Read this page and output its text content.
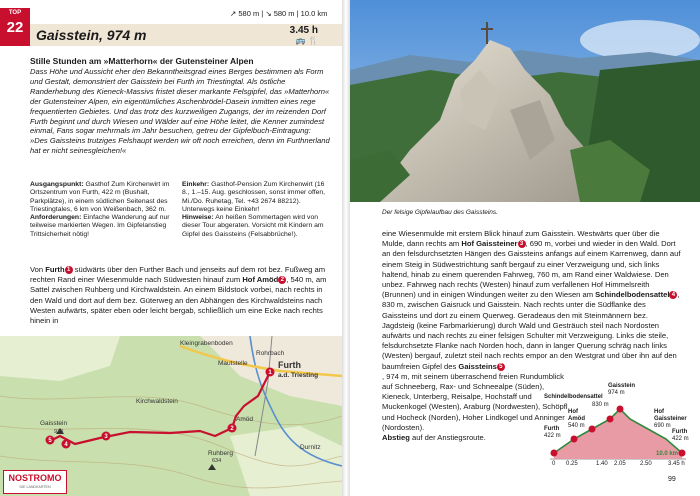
TOP
22
↗ 580 m | ↘ 580 m | 10.0 km
Gaisstein, 974 m	3.45 h
🚌 🍴
Stille Stunden am »Matterhorn« der Gutensteiner Alpen
Dass Höhe und Aussicht eher den Bekanntheitsgrad eines Berges bestimmen als Form und Gestalt, demonstriert der Gaisstein bei Furth im Triestingtal. Als östliche Randerhebung des Kieneck-Massivs fristet dieser markante Felsgipfel, das »Matterhorn« der Gutensteiner Alpen, ein eigentümliches Aschenbrödel-Dasein inmitten eines rege frequentierten Gebietes. Und das trotz des kurzweiligen Zugangs, der im reizenden Dorf Furth beginnt und durch Wiesen und Wälder auf eine Höhe leitet, die Kenner zumindest einmal, Fans sogar mehrmals im Jahr besuchen, getreu der Gipfelbuch-Eintragung: »Des Gaissteins trutziges Felshaupt werden wir oft noch erreichen, denn im Furthnerland hat er nicht seinesgleichen!«
Ausgangspunkt: Gasthof Zum Kirchenwirt im Ortszentrum von Furth, 422 m (Bushalt, Parkplätze), in einem südlichen Seitenast des Triestingtales, 6 km von Weißenbach, 362 m.
Anforderungen: Einfache Wanderung auf nur teilweise markierten Wegen. Im Gipfelanstieg Trittsicherheit nötig!
Einkehr: Gasthof-Pension Zum Kirchenwirt (16 8., 1.–15. Aug. geschlossen, sonst immer offen, Mi./Do. Ruhetag, Tel. +43 2674 88212). Unterwegs keine Einkehr!
Hinweise: An heißen Sommertagen wird von dieser Tour abgeraten. Vorsicht mit Kindern am Gipfel des Gaissteins (Felsabbrüche!).
Von Furth 1 südwärts über den Further Bach und jenseits auf dem rot bez. Fußweg am rechten Rand einer Wiesenmulde nach Südwesten hinauf zum Hof Amöd 2 , 540 m, am Sattel zwischen Ruhberg und Kirchwaldstein. An einem Bildstock vorbei, nach rechts in den Wald und dort auf dem bez. Güterweg an den Abhängen des Kirchwaldsteins nach Westen aufwärts, später eben oder leicht bergab, schließlich um eine Ecke nach rechts hinein in
1
2
3
4
5
Kleingrabenboden
Rohrbach
Mautstelle	Furth
a.d. Triesting
Kirchwaldstein
Gaisstein
974
Amöd
Ruhberg
634
Durnitz
NOSTROMO
DIE LANDKARTEN
Der felsige Gipfelaufbau des Gaissteins.
eine Wiesenmulde mit erstem Blick hinauf zum Gaisstein. Westwärts quer über die Mulde, dann rechts am Hof Gaissteiner 3 , 690 m, vorbei und wieder in den Wald. Dort an den felsdurchsetzten Hängen des Gaissteins anfangs auf einem Karrenweg, dann auf einem Steig in Südwestrichtung sanft bergauf zu einer Verzweigung und, sich links haltend, hinab zu einem querenden Fahrweg, 760 m, am Rand einer Waldwiese. Den unbez. Fahrweg nach rechts (Westen) hinauf zum verfallenen Hof Himmelsreith (Brunnen) und in einigen Windungen weiter zu den Wiesen am Schindelbodensattel 4 , 830 m, zwischen Gaisruck und Gaisstein. Nach rechts unter die Südflanke des Gaissteins und dort zu einem Querweg. Geradeaus den mit Steinmännern bez. Jagdsteig (keine Farbmarkierung) durch Wald und Gesträuch steil nach Nordosten aufwärts und nach rechts zu einer felsigen Schulter mit Verzweigung. Links die steile, felsdurchsetzte Flanke nach Norden hoch, dann in langer Querung schräg nach links (Westen) bergauf, zuletzt steil nach rechts empor an den Westgrat und über ihn auf den baumfreien Gipfel des Gaissteins 5
, 974 m, mit seinem überraschend freien Rundumblick auf Schneeberg, Rax- und Schneealpe (Süden), Kieneck, Unterberg, Reisalpe, Hochstaff und Muckenkogel (Westen), Araburg (Nordwesten), Schöpfl und Hocheck (Norden), Hoher Lindkogel und Anninger (Nordosten).
Abstieg auf der Anstiegsroute.
Gaisstein
974 m
Schindelbodensattel
830 m
Hof
Amöd
540 m
Hof
Gaissteiner
690 m
Furth
422 m
Furth
422 m
10.0 km
0 0.25	1.40 2.05 2.50	3.45 h
99
